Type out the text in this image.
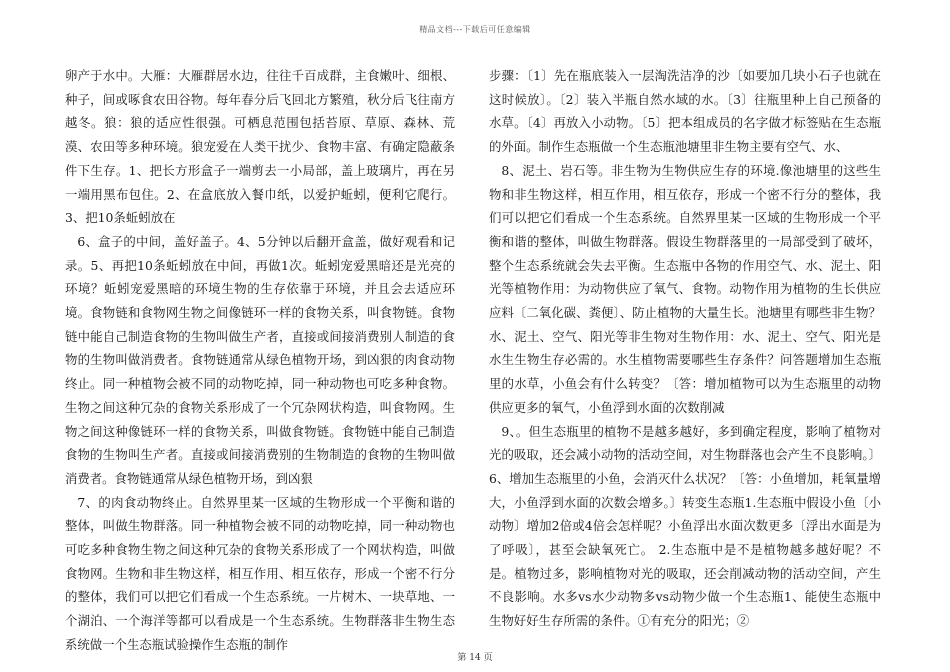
精品文档---下载后可任意编辑

卵产于水中。大雁：大雁群居水边，往往千百成群，主食嫩叶、细根、种子，间或啄食农田谷物。每年春分后飞回北方繁殖，秋分后飞往南方越冬。狼：狼的适应性很强。可栖息范围包括苔原、草原、森林、荒漠、农田等多种环境。狼宠爱在人类干扰少、食物丰富、有确定隐蔽条件下生存。1、把长方形盒子一端剪去一小局部，盖上玻璃片，再在另一端用黑布包住。2、在盒底放入餐巾纸，以爱护蚯蚓，便利它爬行。3、把10条蚯蚓放在

6、盒子的中间，盖好盖子。4、5分钟以后翻开盒盖，做好观看和记录。5、再把10条蚯蚓放在中间，再做1次。蚯蚓宠爱黑暗还是光亮的环境？蚯蚓宠爱黑暗的环境生物的生存依靠于环境，并且会去适应环境。食物链和食物网生物之间像链环一样的食物关系，叫食物链。食物链中能自己制造食物的生物叫做生产者，直接或间接消费别人制造的食物的生物叫做消费者。食物链通常从绿色植物开场，到凶狠的肉食动物终止。同一种植物会被不同的动物吃掉，同一种动物也可吃多种食物。生物之间这种冗杂的食物关系形成了一个冗杂网状构造，叫食物网。生物之间这种像链环一样的食物关系，叫做食物链。食物链中能自己制造食物的生物叫生产者。直接或间接消费别的生物制造的食物的生物叫做消费者。食物链通常从绿色植物开场，到凶狠

7、的肉食动物终止。自然界里某一区域的生物形成一个平衡和谐的整体，叫做生物群落。同一种植物会被不同的动物吃掉，同一种动物也可吃多种食物生物之间这种冗杂的食物关系形成了一个网状构造，叫做食物网。生物和非生物这样，相互作用、相互依存，形成一个密不行分的整体，我们可以把它们看成一个生态系统。一片树木、一块草地、一个湖泊、一个海洋等都可以看成是一个生态系统。生物群落非生物生态系统做一个生态瓶试验操作生态瓶的制作

步骤：〔1〕先在瓶底装入一层淘洗洁净的沙〔如要加几块小石子也就在这时候放〕。〔2〕装入半瓶自然水域的水。〔3〕往瓶里种上自己预备的水草。〔4〕再放入小动物。〔5〕把本组成员的名字做才标签贴在生态瓶的外面。制作生态瓶做一个生态瓶池塘里非生物主要有空气、水、

8、泥土、岩石等。非生物为生物供应生存的环境.像池塘里的这些生物和非生物这样，相互作用，相互依存，形成一个密不行分的整体，我们可以把它们看成一个生态系统。自然界里某一区域的生物形成一个平衡和谐的整体，叫做生物群落。假设生物群落里的一局部受到了破坏，整个生态系统就会失去平衡。生态瓶中各物的作用空气、水、泥土、阳光等植物作用：为动物供应了氧气、食物。动物作用为植物的生长供应应料〔二氧化碳、粪便〕、防止植物的大量生长。池塘里有哪些非生物？水、泥土、空气、阳光等非生物对生物作用：水、泥土、空气、阳光是水生生物生存必需的。水生植物需要哪些生存条件？问答题增加生态瓶里的水草，小鱼会有什么转变？〔答：增加植物可以为生态瓶里的动物供应更多的氧气，小鱼浮到水面的次数削减

9、。但生态瓶里的植物不是越多越好，多到确定程度，影响了植物对光的吸取，还会减小动物的活动空间，对生物群落也会产生不良影响。〕6、增加生态瓶里的小鱼，会消灭什么状况？〔答：小鱼增加，耗氧量增大，小鱼浮到水面的次数会增多。〕转变生态瓶1.生态瓶中假设小鱼〔小动物〕增加2倍或4倍会怎样呢？小鱼浮出水面次数更多〔浮出水面是为了呼吸〕，甚至会缺氧死亡。 2.生态瓶中是不是植物越多越好呢？不是。植物过多，影响植物对光的吸取，还会削减动物的活动空间，产生不良影响。水多vs水少动物多vs动物少做一个生态瓶1、能使生态瓶中生物好好生存所需的条件。①有充分的阳光；②

第 14 页
